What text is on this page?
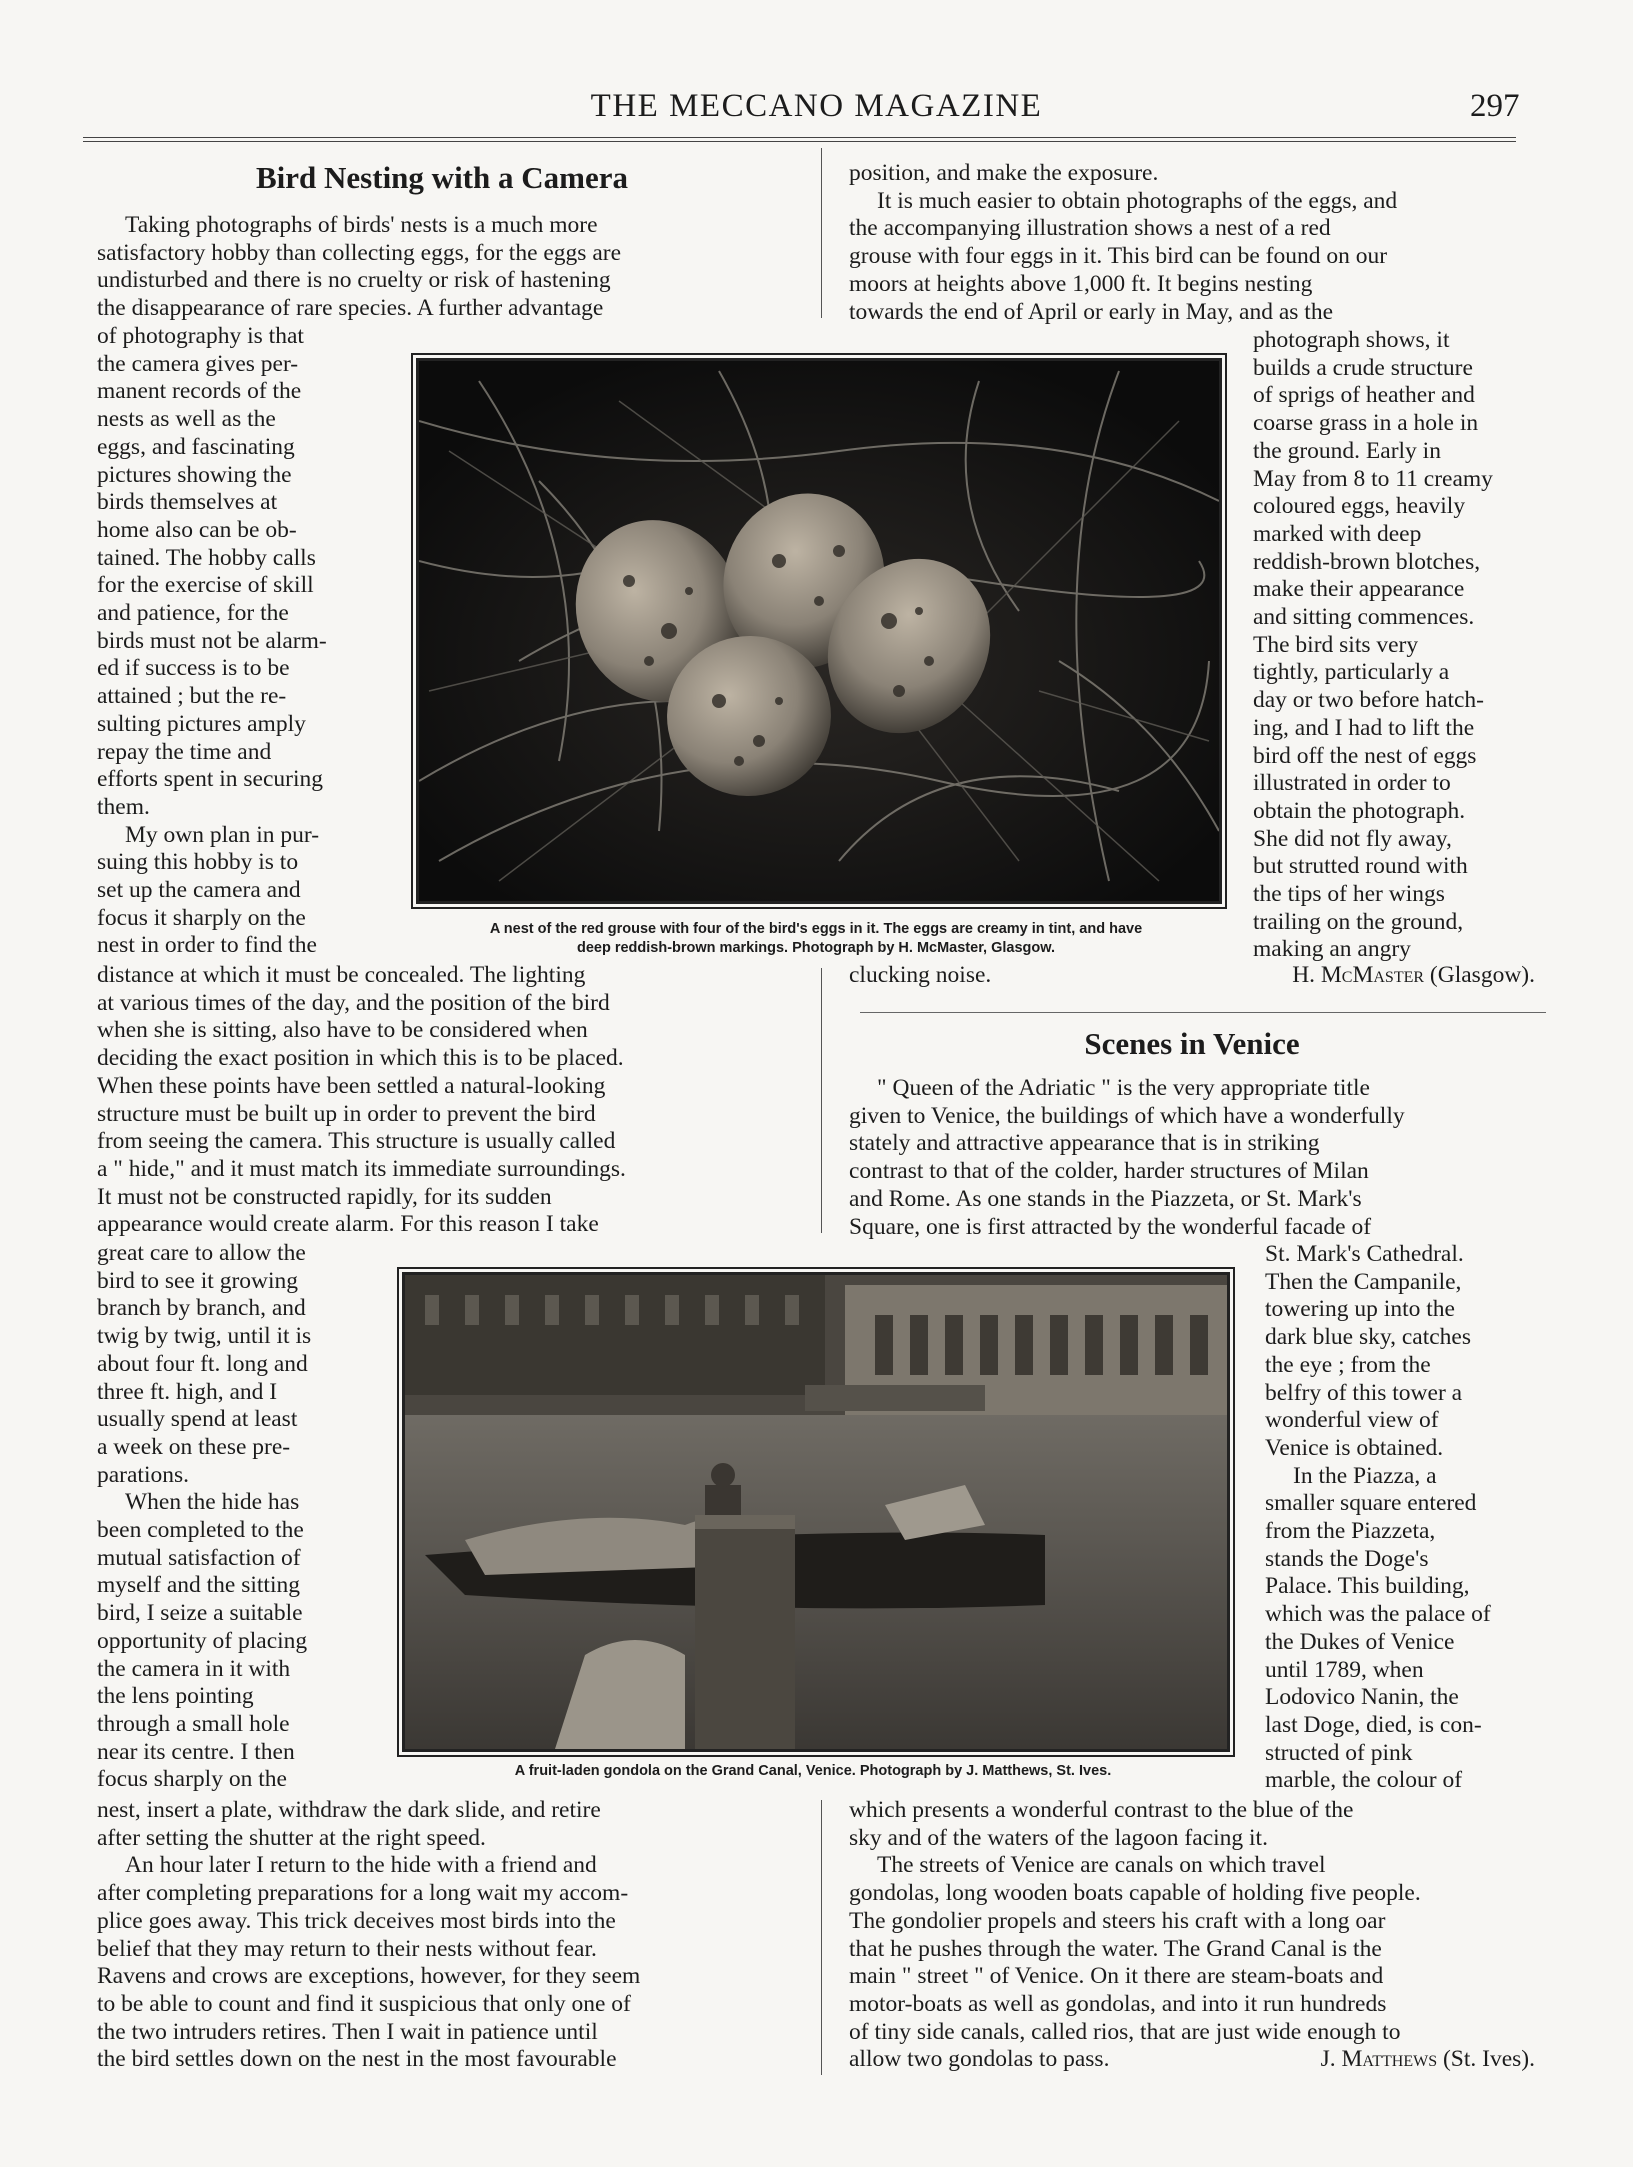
THE MECCANO MAGAZINE	297
Bird Nesting with a Camera

Taking photographs of birds' nests is a much more

satisfactory hobby than collecting eggs, for the eggs are

undisturbed and there is no cruelty or risk of hastening

the disappearance of rare species. A further advantage

of photography is that

the camera gives per-

manent records of the

nests as well as the

eggs, and fascinating

pictures showing the

birds themselves at

home also can be ob-

tained. The hobby calls

for the exercise of skill

and patience, for the

birds must not be alarm-

ed if success is to be

attained ; but the re-

sulting pictures amply

repay the time and

efforts spent in securing

them.

My own plan in pur-

suing this hobby is to

set up the camera and

focus it sharply on the

nest in order to find the

A nest of the red grouse with four of the bird's eggs in it. The eggs are creamy in tint, and have
deep reddish-brown markings. Photograph by H. McMaster, Glasgow.

distance at which it must be concealed. The lighting

at various times of the day, and the position of the bird

when she is sitting, also have to be considered when

deciding the exact position in which this is to be placed.

When these points have been settled a natural-looking

structure must be built up in order to prevent the bird

from seeing the camera. This structure is usually called

a " hide," and it must match its immediate surroundings.

It must not be constructed rapidly, for its sudden

appearance would create alarm. For this reason I take

great care to allow the

bird to see it growing

branch by branch, and

twig by twig, until it is

about four ft. long and

three ft. high, and I

usually spend at least

a week on these pre-

parations.

When the hide has

been completed to the

mutual satisfaction of

myself and the sitting

bird, I seize a suitable

opportunity of placing

the camera in it with

the lens pointing

through a small hole

near its centre. I then

focus sharply on the	A fruit-laden gondola on the Grand Canal, Venice. Photograph by J. Matthews, St. Ives.

nest, insert a plate, withdraw the dark slide, and retire

after setting the shutter at the right speed.

An hour later I return to the hide with a friend and

after completing preparations for a long wait my accom-

plice goes away. This trick deceives most birds into the

belief that they may return to their nests without fear.

Ravens and crows are exceptions, however, for they seem

to be able to count and find it suspicious that only one of

the two intruders retires. Then I wait in patience until

the bird settles down on the nest in the most favourable

position, and make the exposure.

It is much easier to obtain photographs of the eggs, and

the accompanying illustration shows a nest of a red

grouse with four eggs in it. This bird can be found on our

moors at heights above 1,000 ft. It begins nesting

towards the end of April or early in May, and as the

photograph shows, it

builds a crude structure

of sprigs of heather and

coarse grass in a hole in

the ground. Early in

May from 8 to 11 creamy

coloured eggs, heavily

marked with deep

reddish-brown blotches,

make their appearance

and sitting commences.

The bird sits very

tightly, particularly a

day or two before hatch-

ing, and I had to lift the

bird off the nest of eggs

illustrated in order to

obtain the photograph.

She did not fly away,

but strutted round with

the tips of her wings

trailing on the ground,

making an angry

clucking noise.	H. McMaster (Glasgow).
Scenes in Venice

" Queen of the Adriatic " is the very appropriate title

given to Venice, the buildings of which have a wonderfully

stately and attractive appearance that is in striking

contrast to that of the colder, harder structures of Milan

and Rome. As one stands in the Piazzeta, or St. Mark's

Square, one is first attracted by the wonderful facade of

St. Mark's Cathedral.

Then the Campanile,

towering up into the

dark blue sky, catches

the eye ; from the

belfry of this tower a

wonderful view of

Venice is obtained.

In the Piazza, a

smaller square entered

from the Piazzeta,

stands the Doge's

Palace. This building,

which was the palace of

the Dukes of Venice

until 1789, when

Lodovico Nanin, the

last Doge, died, is con-

structed of pink

marble, the colour of

which presents a wonderful contrast to the blue of the

sky and of the waters of the lagoon facing it.

The streets of Venice are canals on which travel

gondolas, long wooden boats capable of holding five people.

The gondolier propels and steers his craft with a long oar

that he pushes through the water. The Grand Canal is the

main " street " of Venice. On it there are steam-boats and

motor-boats as well as gondolas, and into it run hundreds

of tiny side canals, called rios, that are just wide enough to

allow two gondolas to pass.	J. Matthews (St. Ives).
